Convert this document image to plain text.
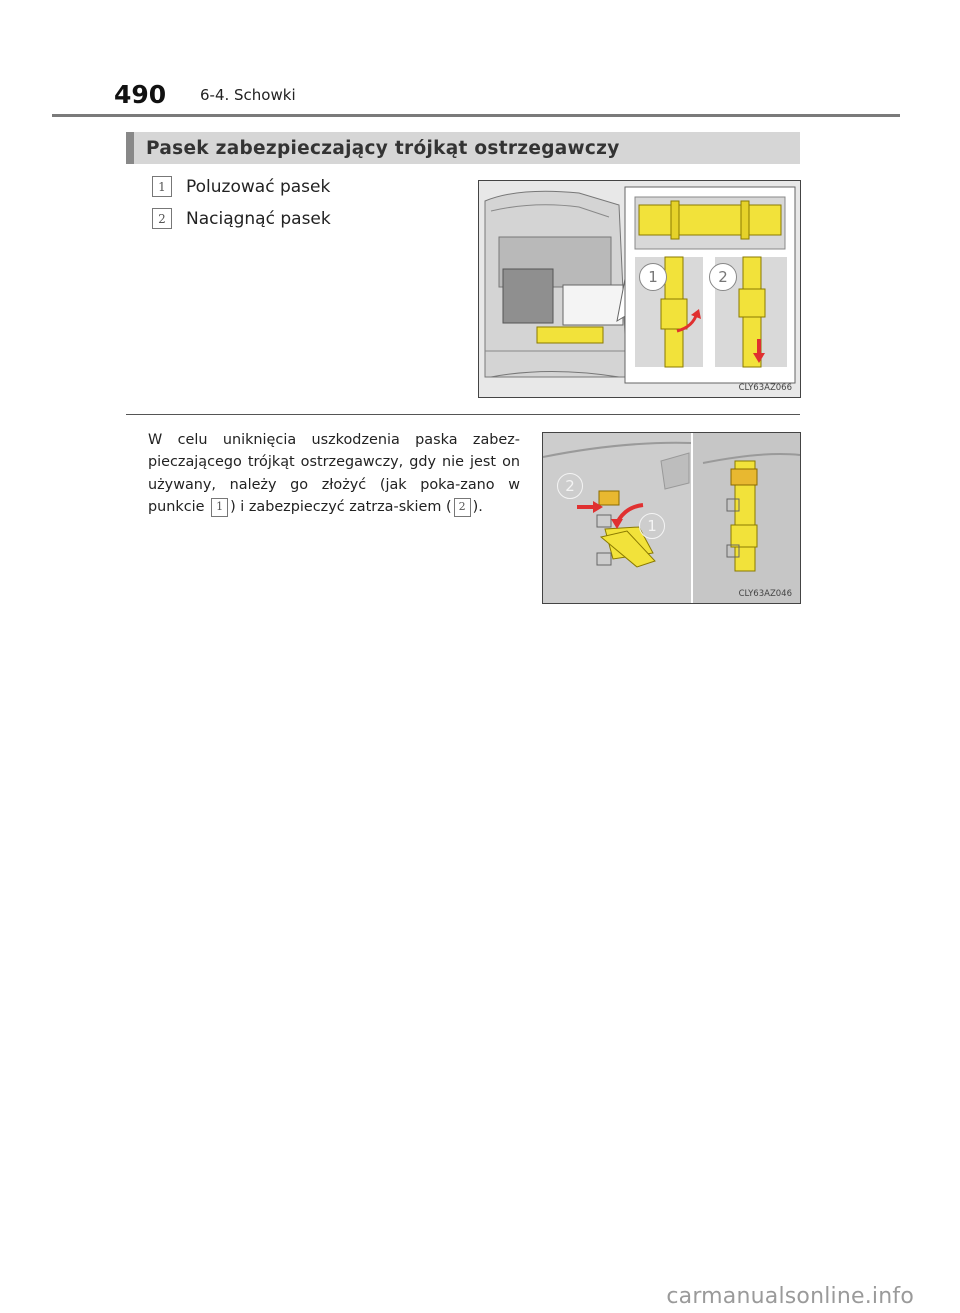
490 6-4. Schowki
Pasek zabezpieczający trójkąt ostrzegawczy
1	Poluzować pasek
2	Naciągnąć pasek
1	2
CLY63AZ066

W celu uniknięcia uszkodzenia paska zabez-pieczającego trójkąt ostrzegawczy, gdy nie jest on używany, należy go złożyć (jak poka-zano w punkcie 1 ) i zabezpieczyć zatrza-skiem ( 2 ).

2
1
CLY63AZ046
carmanualsonline.info
